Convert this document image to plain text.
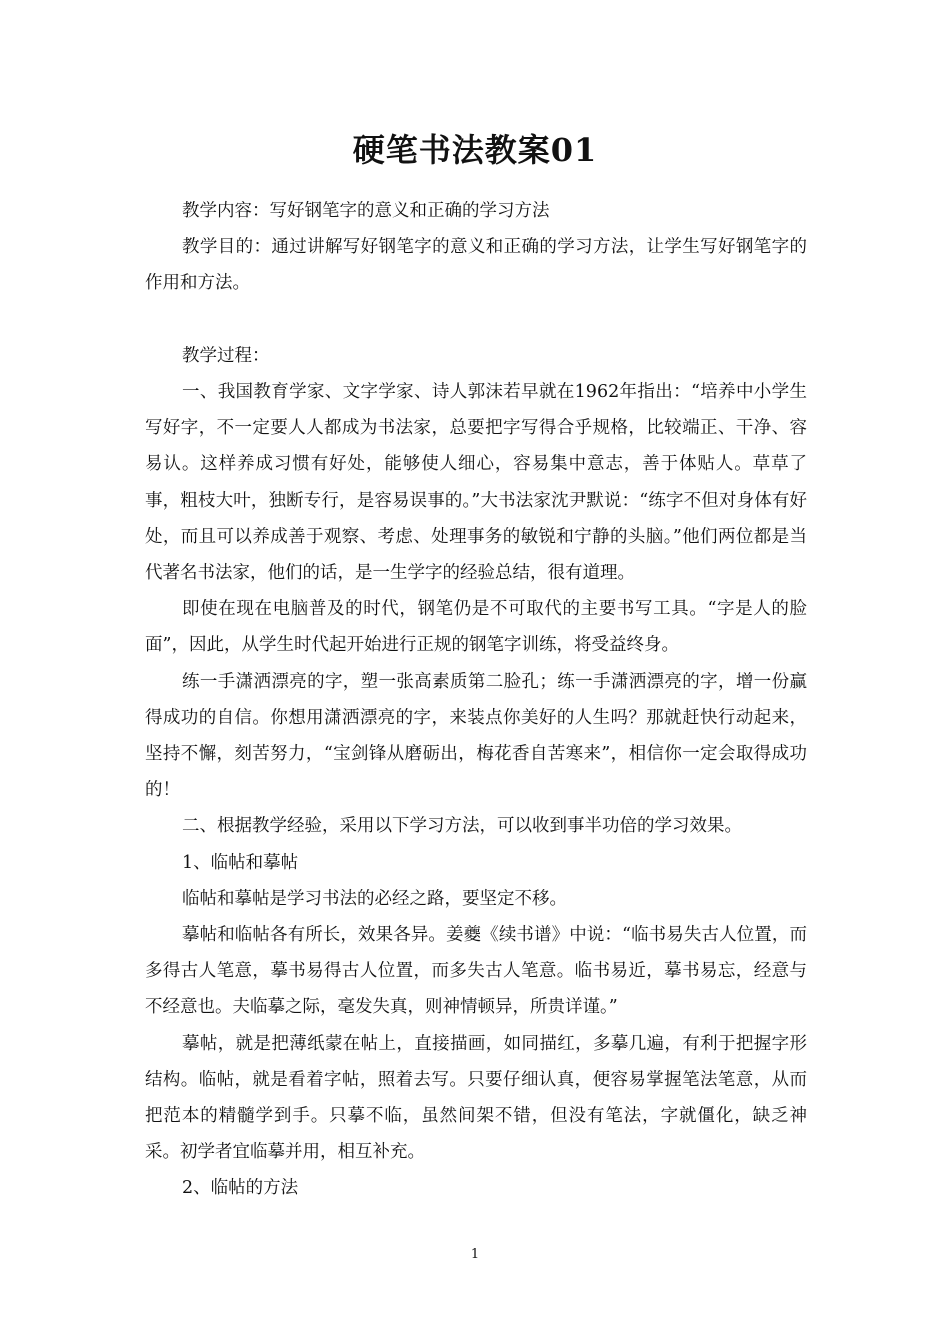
硬笔书法教案01

教学内容：写好钢笔字的意义和正确的学习方法

教学目的：通过讲解写好钢笔字的意义和正确的学习方法，让学生写好钢笔字的作用和方法。

教学过程：

一、我国教育学家、文字学家、诗人郭沫若早就在1962年指出：“培养中小学生写好字，不一定要人人都成为书法家，总要把字写得合乎规格，比较端正、干净、容易认。这样养成习惯有好处，能够使人细心，容易集中意志，善于体贴人。草草了事，粗枝大叶，独断专行，是容易误事的。”大书法家沈尹默说：“练字不但对身体有好处，而且可以养成善于观察、考虑、处理事务的敏锐和宁静的头脑。”他们两位都是当代著名书法家，他们的话，是一生学字的经验总结，很有道理。

即使在现在电脑普及的时代，钢笔仍是不可取代的主要书写工具。“字是人的脸面”，因此，从学生时代起开始进行正规的钢笔字训练，将受益终身。

练一手潇洒漂亮的字，塑一张高素质第二脸孔；练一手潇洒漂亮的字，增一份赢得成功的自信。你想用潇洒漂亮的字，来装点你美好的人生吗？那就赶快行动起来，坚持不懈，刻苦努力，“宝剑锋从磨砺出，梅花香自苦寒来”，相信你一定会取得成功的！

二、根据教学经验，采用以下学习方法，可以收到事半功倍的学习效果。

1、临帖和摹帖

临帖和摹帖是学习书法的必经之路，要坚定不移。

摹帖和临帖各有所长，效果各异。姜夔《续书谱》中说：“临书易失古人位置，而多得古人笔意，摹书易得古人位置，而多失古人笔意。临书易近，摹书易忘，经意与不经意也。夫临摹之际，毫发失真，则神情顿异，所贵详谨。”

摹帖，就是把薄纸蒙在帖上，直接描画，如同描红，多摹几遍，有利于把握字形结构。临帖，就是看着字帖，照着去写。只要仔细认真，便容易掌握笔法笔意，从而把范本的精髓学到手。只摹不临，虽然间架不错，但没有笔法，字就僵化，缺乏神采。初学者宜临摹并用，相互补充。

2、临帖的方法

1
